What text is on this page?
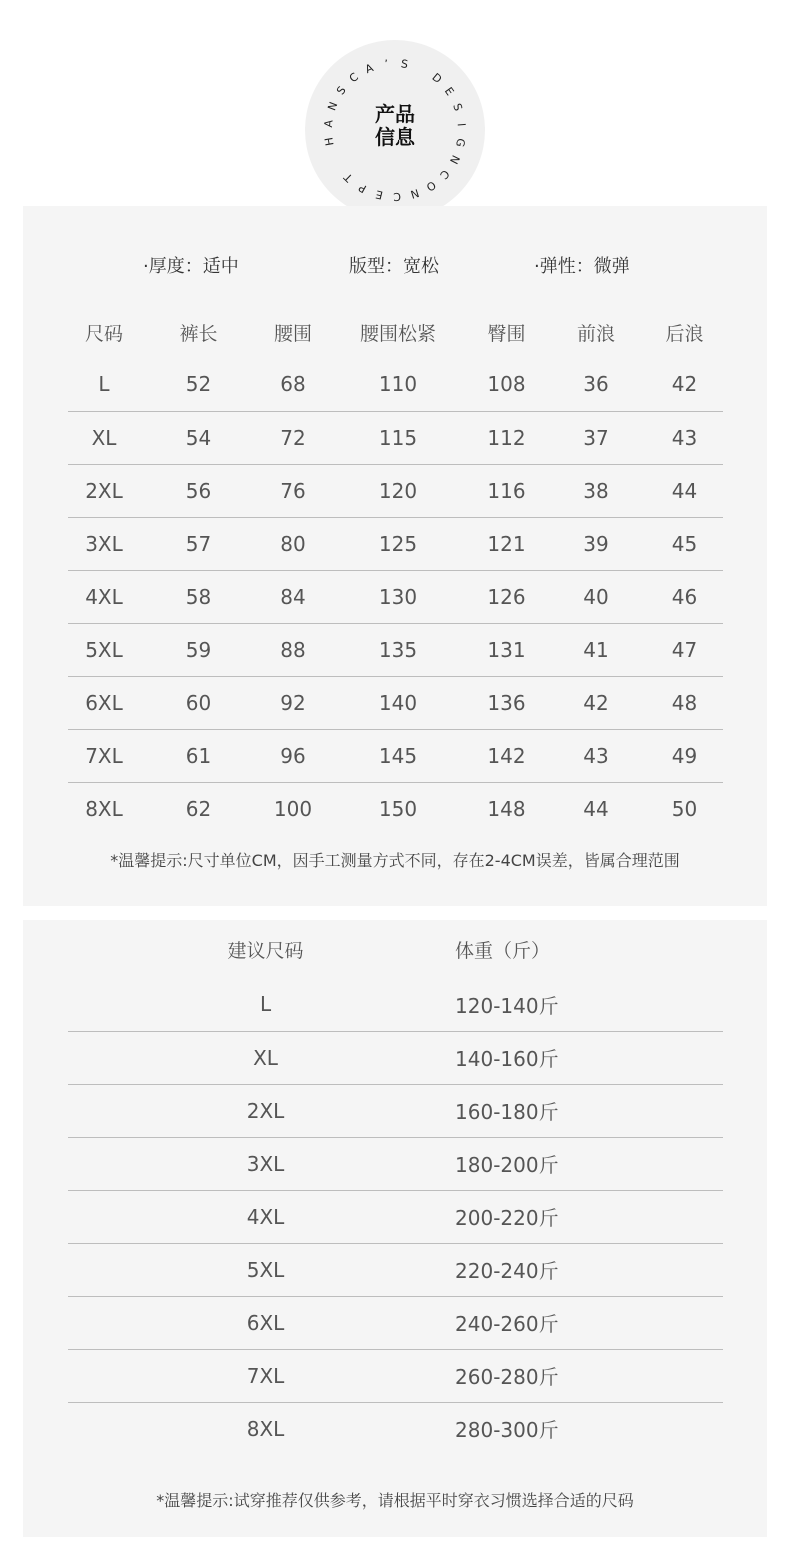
H
A
N
S
C
A ’ S
D
E
S
I
G
N
C
O
N
C
E
P
T
产品
信息
·厚度：适中	版型：宽松	·弹性：微弹
尺码	裤长	腰围	腰围松紧	臀围	前浪	后浪
L	52	68	110	108	36	42
XL	54	72	115	112	37	43
2XL	56	76	120	116	38	44
3XL	57	80	125	121	39	45
4XL	58	84	130	126	40	46
5XL	59	88	135	131	41	47
6XL	60	92	140	136	42	48
7XL	61	96	145	142	43	49
8XL	62	100	150	148	44	50
*温馨提示:尺寸单位CM，因手工测量方式不同，存在2-4CM误差，皆属合理范围
建议尺码	体重（斤）
L	120-140斤
XL	140-160斤
2XL	160-180斤
3XL	180-200斤
4XL	200-220斤
5XL	220-240斤
6XL	240-260斤
7XL	260-280斤
8XL	280-300斤
*温馨提示:试穿推荐仅供参考，请根据平时穿衣习惯选择合适的尺码
